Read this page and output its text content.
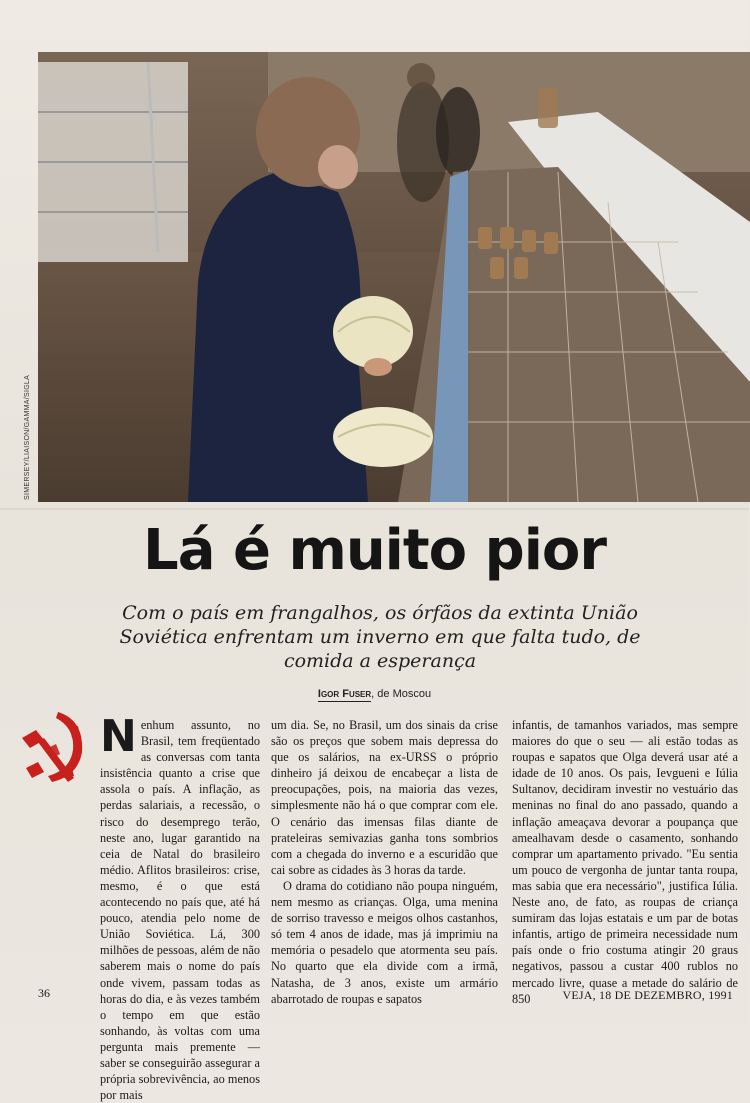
SIMERSEY/LIAISON/GAMMA/SIGLA
Lá é muito pior
Com o país em frangalhos, os órfãos da extinta União Soviética enfrentam um inverno em que falta tudo, de comida a esperança
Igor Fuser, de Moscou
Nenhum assunto, no Brasil, tem freqüentado as conversas com tanta insistência quanto a crise que assola o país. A inflação, as perdas salariais, a recessão, o risco do desemprego terão, neste ano, lugar garantido na ceia de Natal do brasileiro médio. Aflitos brasileiros: crise, mesmo, é o que está acontecendo no país que, até há pouco, atendia pelo nome de União Soviética. Lá, 300 milhões de pessoas, além de não saberem mais o nome do país onde vivem, passam todas as horas do dia, e às vezes também o tempo em que estão sonhando, às voltas com uma pergunta mais premente — saber se conseguirão assegurar a própria sobrevivência, ao menos por mais

um dia. Se, no Brasil, um dos sinais da crise são os preços que sobem mais depressa do que os salários, na ex-URSS o próprio dinheiro já deixou de encabeçar a lista de preocupações, pois, na maioria das vezes, simplesmente não há o que comprar com ele. O cenário das imensas filas diante de prateleiras semivazias ganha tons sombrios com a chegada do inverno e a escuridão que cai sobre as cidades às 3 horas da tarde.

O drama do cotidiano não poupa ninguém, nem mesmo as crianças. Olga, uma menina de sorriso travesso e meigos olhos castanhos, só tem 4 anos de idade, mas já imprimiu na memória o pesadelo que atormenta seu país. No quarto que ela divide com a irmã, Natasha, de 3 anos, existe um armário abarrotado de roupas e sapatos

infantis, de tamanhos variados, mas sempre maiores do que o seu — ali estão todas as roupas e sapatos que Olga deverá usar até a idade de 10 anos. Os pais, Ievgueni e Iúlia Sultanov, decidiram investir no vestuário das meninas no final do ano passado, quando a inflação ameaçava devorar a poupança que amealhavam desde o casamento, sonhando comprar um apartamento privado. "Eu sentia um pouco de vergonha de juntar tanta roupa, mas sabia que era necessário", justifica Iúlia. Neste ano, de fato, as roupas de criança sumiram das lojas estatais e um par de botas infantis, artigo de primeira necessidade num país onde o frio costuma atingir 20 graus negativos, passou a custar 400 rublos no mercado livre, quase a metade do salário de 850
36	VEJA, 18 DE DEZEMBRO, 1991
